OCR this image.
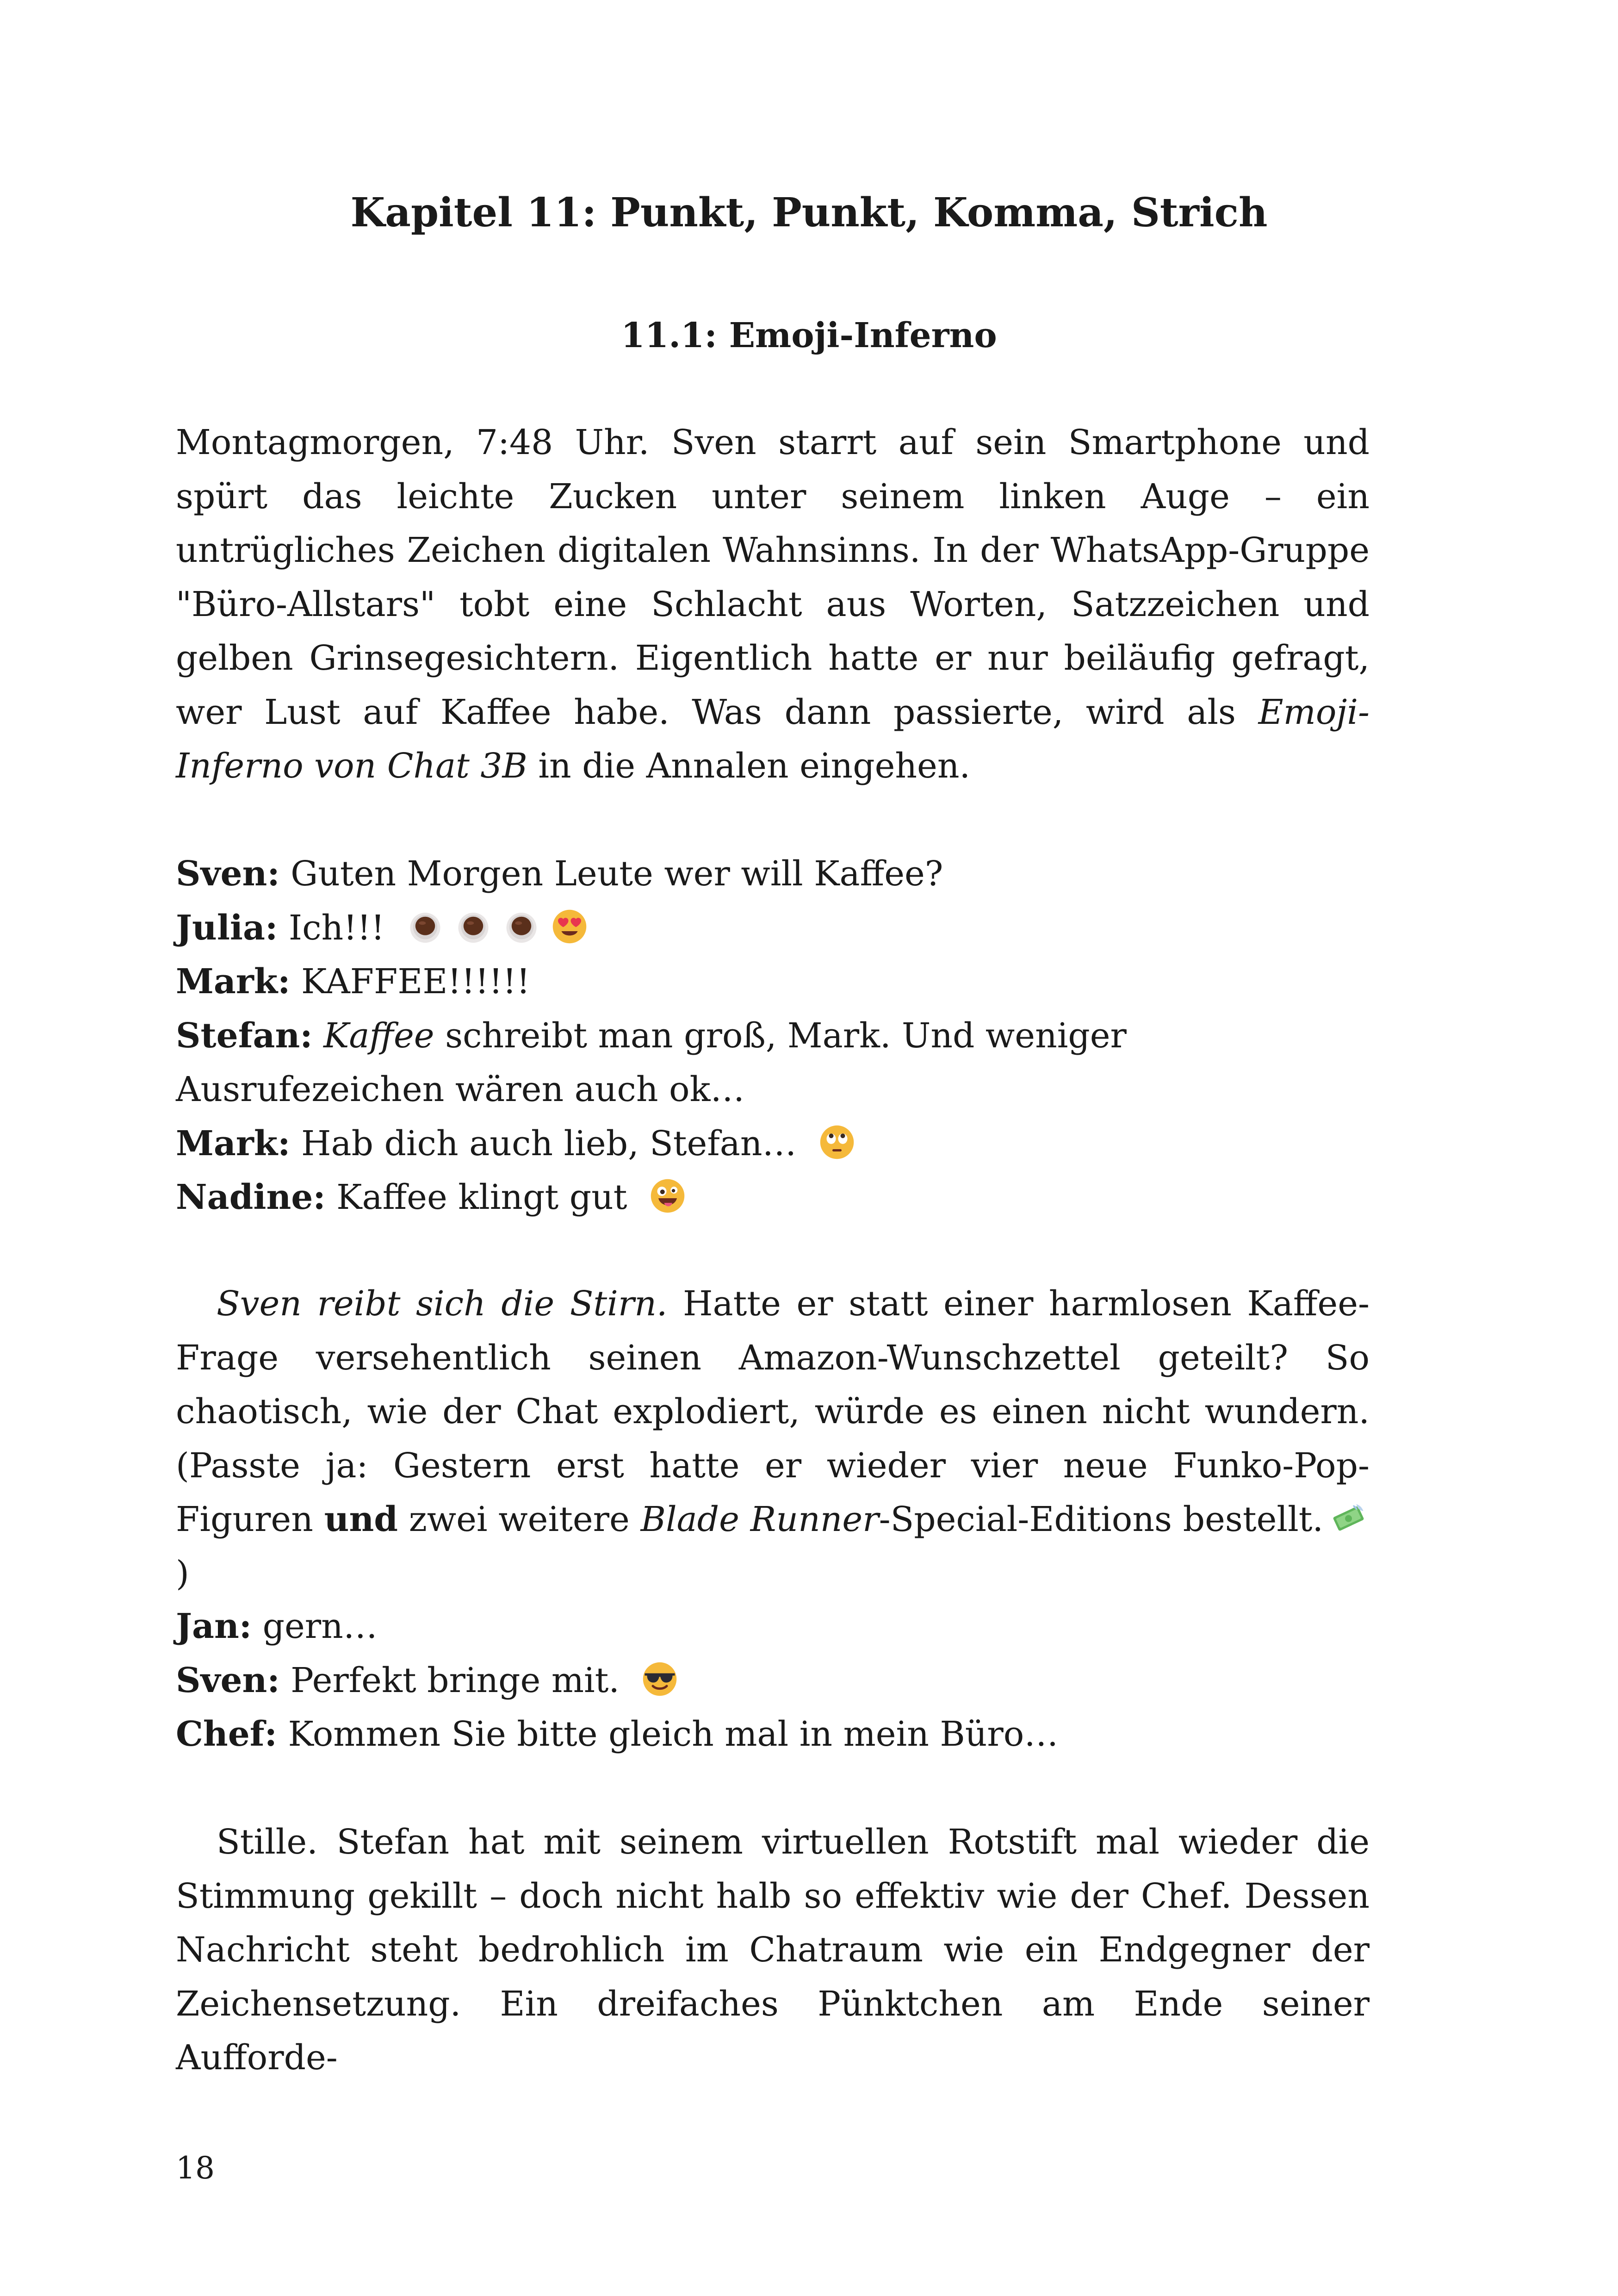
Kapitel 11: Punkt, Punkt, Komma, Strich
11.1: Emoji-Inferno

Montagmorgen, 7:48 Uhr. Sven starrt auf sein Smartphone und spürt das leichte Zucken unter seinem linken Auge – ein untrügliches Zeichen digitalen Wahnsinns. In der WhatsApp-Gruppe "Büro-Allstars" tobt eine Schlacht aus Worten, Satzzeichen und gelben Grinsegesichtern. Eigentlich hatte er nur beiläufig gefragt, wer Lust auf Kaffee habe. Was dann passierte, wird als Emoji-Inferno von Chat 3B in die Annalen eingehen.

Sven: Guten Morgen Leute wer will Kaffee?

Julia: Ich!!!

Mark: KAFFEE!!!!!!

Stefan: Kaffee schreibt man groß, Mark. Und weniger Ausrufezeichen wären auch ok…

Mark: Hab dich auch lieb, Stefan…

Nadine: Kaffee klingt gut

Sven reibt sich die Stirn. Hatte er statt einer harmlosen Kaffee-Frage versehentlich seinen Amazon-Wunschzettel geteilt? So chaotisch, wie der Chat explodiert, würde es einen nicht wundern. (Passte ja: Gestern erst hatte er wieder vier neue Funko-Pop-Figuren und zwei weitere Blade Runner-Special-Editions bestellt.
)

Jan: gern…

Sven: Perfekt bringe mit.

Chef: Kommen Sie bitte gleich mal in mein Büro…

Stille. Stefan hat mit seinem virtuellen Rotstift mal wieder die Stimmung gekillt – doch nicht halb so effektiv wie der Chef. Dessen Nachricht steht bedrohlich im Chatraum wie ein Endgegner der Zeichensetzung. Ein dreifaches Pünktchen am Ende seiner Aufforde-

18
